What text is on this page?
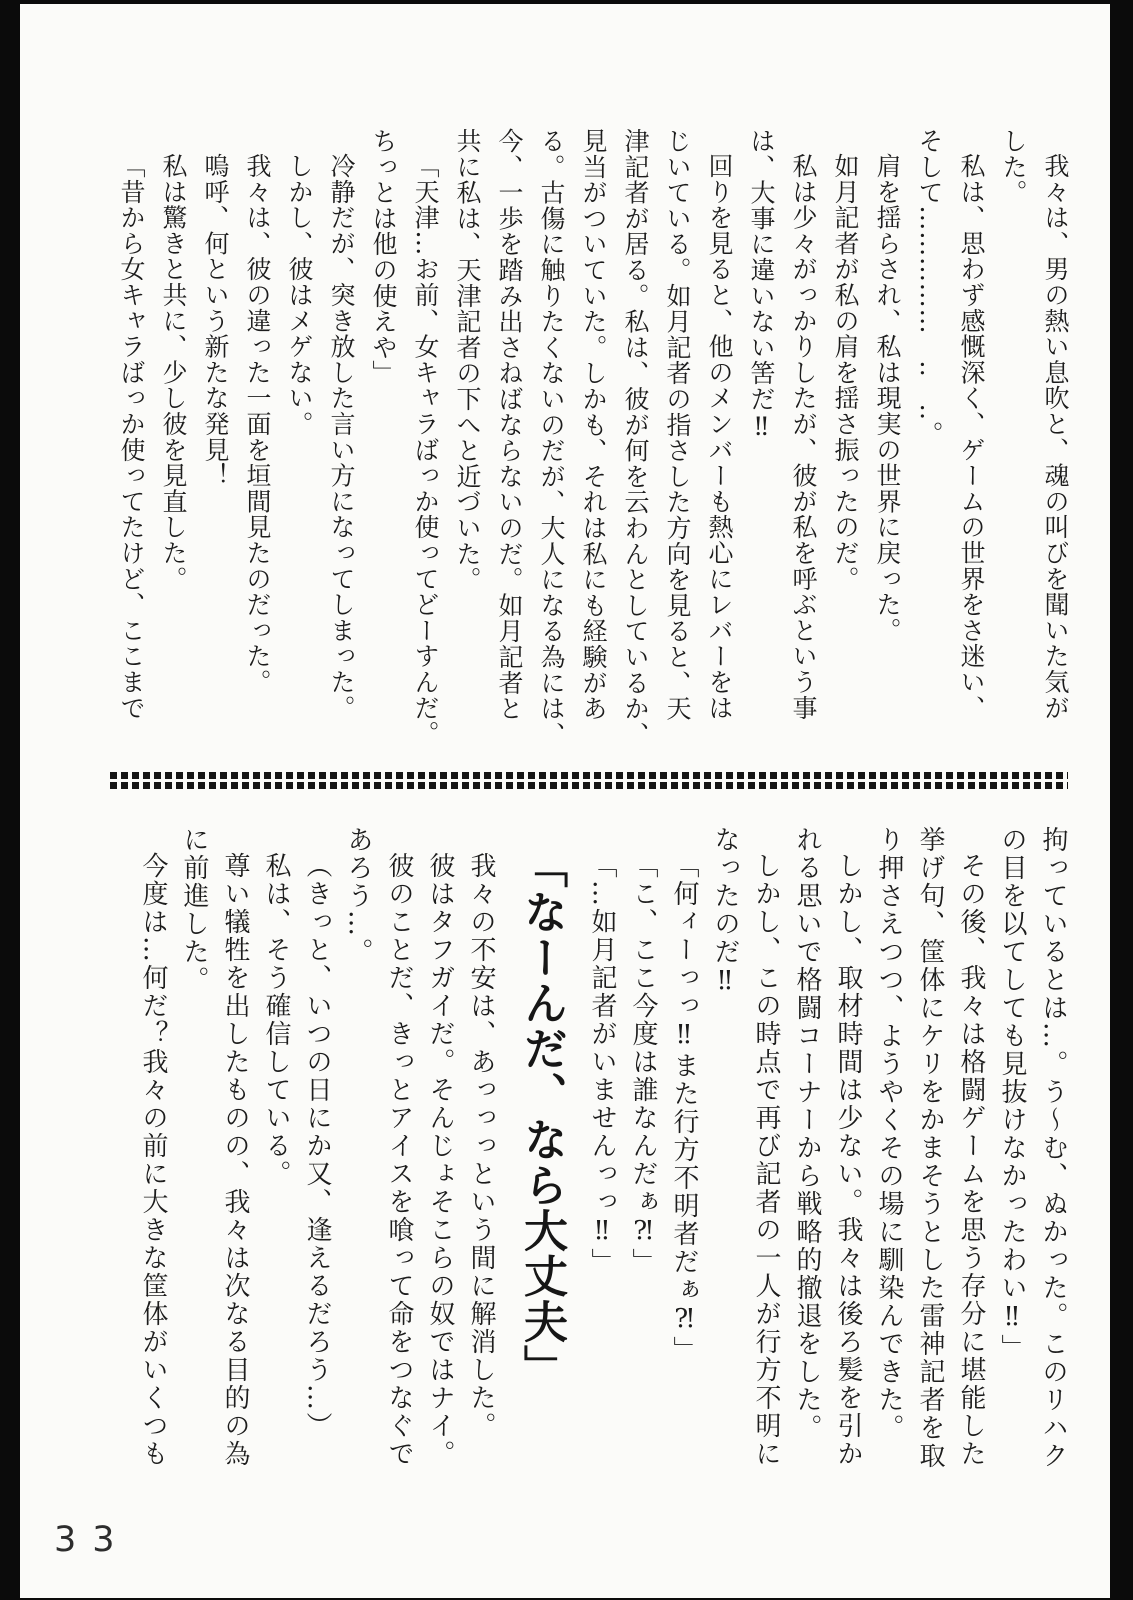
我々は、男の熱い息吹と、魂の叫びを聞いた気が
した。
私は、思わず感慨深く、ゲームの世界をさ迷い、
そして……………　‥　‥。
肩を揺らされ、私は現実の世界に戻った。
如月記者が私の肩を揺さ振ったのだ。
私は少々がっかりしたが、彼が私を呼ぶという事
は、大事に違いない筈だ‼
回りを見ると、他のメンバーも熱心にレバーをは
じいている。如月記者の指さした方向を見ると、天
津記者が居る。私は、彼が何を云わんとしているか、
見当がついていた。しかも、それは私にも経験があ
る。古傷に触りたくないのだが、大人になる為には、
今、一歩を踏み出さねばならないのだ。如月記者と
共に私は、天津記者の下へと近づいた。
「天津…お前、女キャラばっか使ってどーすんだ。
ちっとは他の使えや」
冷静だが、突き放した言い方になってしまった。
しかし、彼はメゲない。
我々は、彼の違った一面を垣間見たのだった。
嗚呼、何という新たな発見！
私は驚きと共に、少し彼を見直した。
「昔から女キャラばっか使ってたけど、ここまで
拘っているとは…。う〜む、ぬかった。このリハク
の目を以てしても見抜けなかったわい‼」
その後、我々は格闘ゲームを思う存分に堪能した
挙げ句、筐体にケリをかまそうとした雷神記者を取
り押さえつつ、ようやくその場に馴染んできた。
しかし、取材時間は少ない。我々は後ろ髪を引か
れる思いで格闘コーナーから戦略的撤退をした。
しかし、この時点で再び記者の一人が行方不明に
なったのだ‼
「何ィーっっ‼また行方不明者だぁ⁈」
「こ、ここ今度は誰なんだぁ⁈」
「…如月記者がいませんっっ‼」
「なーんだ、なら大丈夫」
我々の不安は、あっっっという間に解消した。
彼はタフガイだ。そんじょそこらの奴ではナイ。
彼のことだ、きっとアイスを喰って命をつなぐで
あろう…。
（きっと、いつの日にか又、逢えるだろう…）
私は、そう確信している。
尊い犠牲を出したものの、我々は次なる目的の為
に前進した。
今度は…何だ？我々の前に大きな筐体がいくつも
33
